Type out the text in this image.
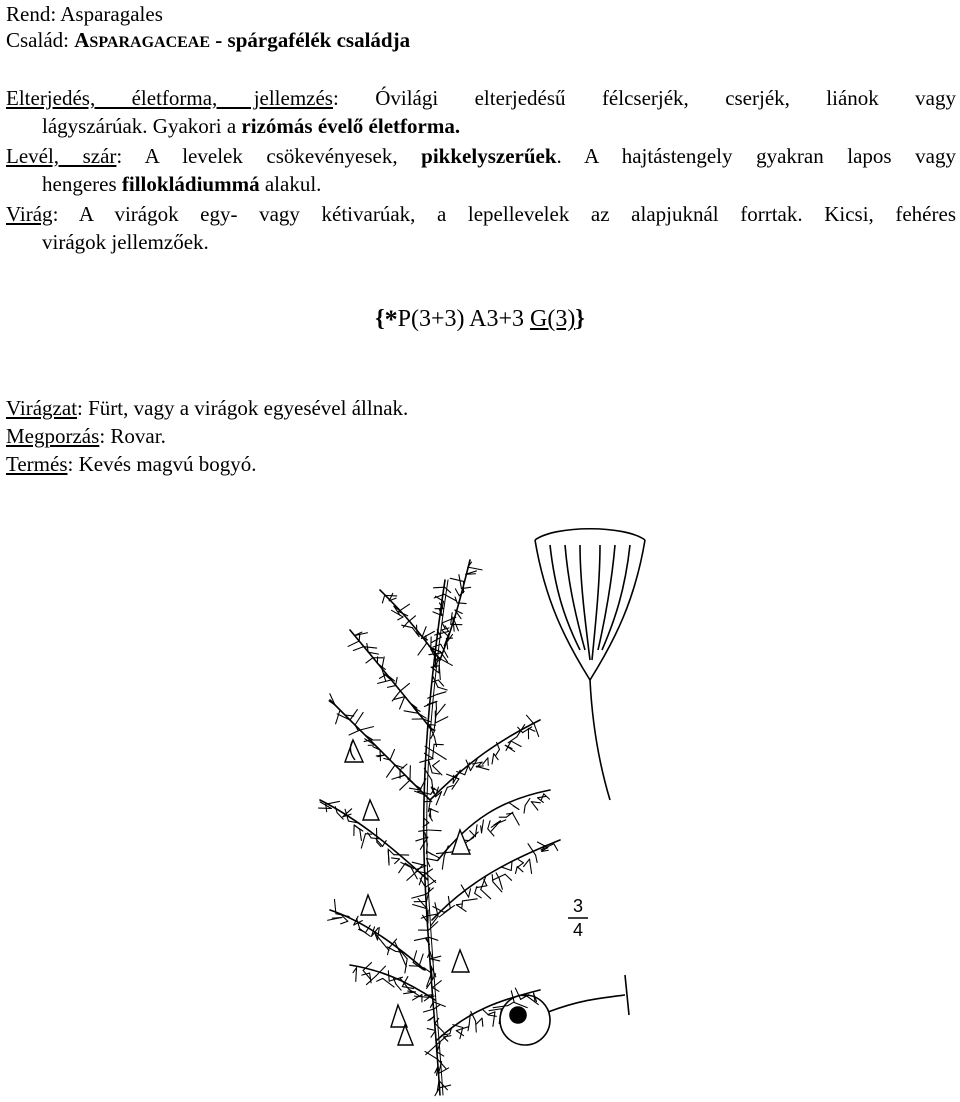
Rend: Asparagales
Család: ASPARAGACEAE - spárgafélék családja
Elterjedés, életforma, jellemzés: Óvilági elterjedésű félcserjék, cserjék, liánok vagy
lágyszárúak. Gyakori a rizómás évelő életforma.
Levél, szár: A levelek csökevényesek, pikkelyszerűek. A hajtástengely gyakran lapos vagy
hengeres fillokládiummá alakul.
Virág: A virágok egy- vagy kétivarúak, a lepellevelek az alapjuknál forrtak. Kicsi, fehéres
virágok jellemzőek.
{*P(3+3) A3+3 G(3)}
Virágzat: Fürt, vagy a virágok egyesével állnak.
Megporzás: Rovar.
Termés: Kevés magvú bogyó.
3
4
